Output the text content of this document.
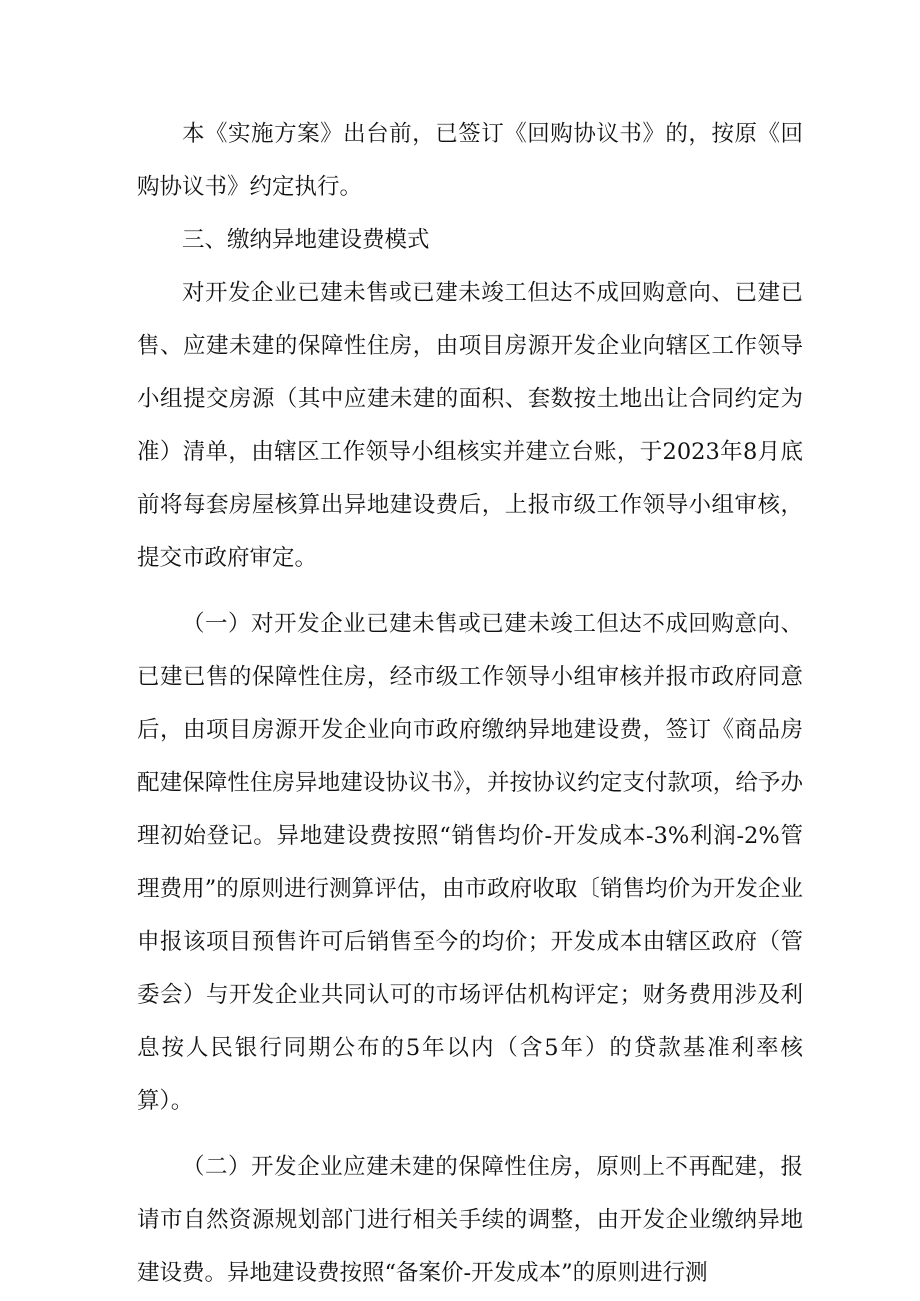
本《实施方案》出台前，已签订《回购协议书》的，按原《回购协议书》约定执行。

三、缴纳异地建设费模式

对开发企业已建未售或已建未竣工但达不成回购意向、已建已售、应建未建的保障性住房，由项目房源开发企业向辖区工作领导小组提交房源（其中应建未建的面积、套数按土地出让合同约定为准）清单，由辖区工作领导小组核实并建立台账，于2023年8月底前将每套房屋核算出异地建设费后，上报市级工作领导小组审核，提交市政府审定。

（一）对开发企业已建未售或已建未竣工但达不成回购意向、已建已售的保障性住房，经市级工作领导小组审核并报市政府同意后，由项目房源开发企业向市政府缴纳异地建设费，签订《商品房配建保障性住房异地建设协议书》，并按协议约定支付款项，给予办理初始登记。异地建设费按照“销售均价-开发成本-3%利润-2%管理费用”的原则进行测算评估，由市政府收取〔销售均价为开发企业申报该项目预售许可后销售至今的均价；开发成本由辖区政府（管委会）与开发企业共同认可的市场评估机构评定；财务费用涉及利息按人民银行同期公布的5年以内（含5年）的贷款基准利率核算）。

（二）开发企业应建未建的保障性住房，原则上不再配建，报请市自然资源规划部门进行相关手续的调整，由开发企业缴纳异地建设费。异地建设费按照“备案价-开发成本”的原则进行测
